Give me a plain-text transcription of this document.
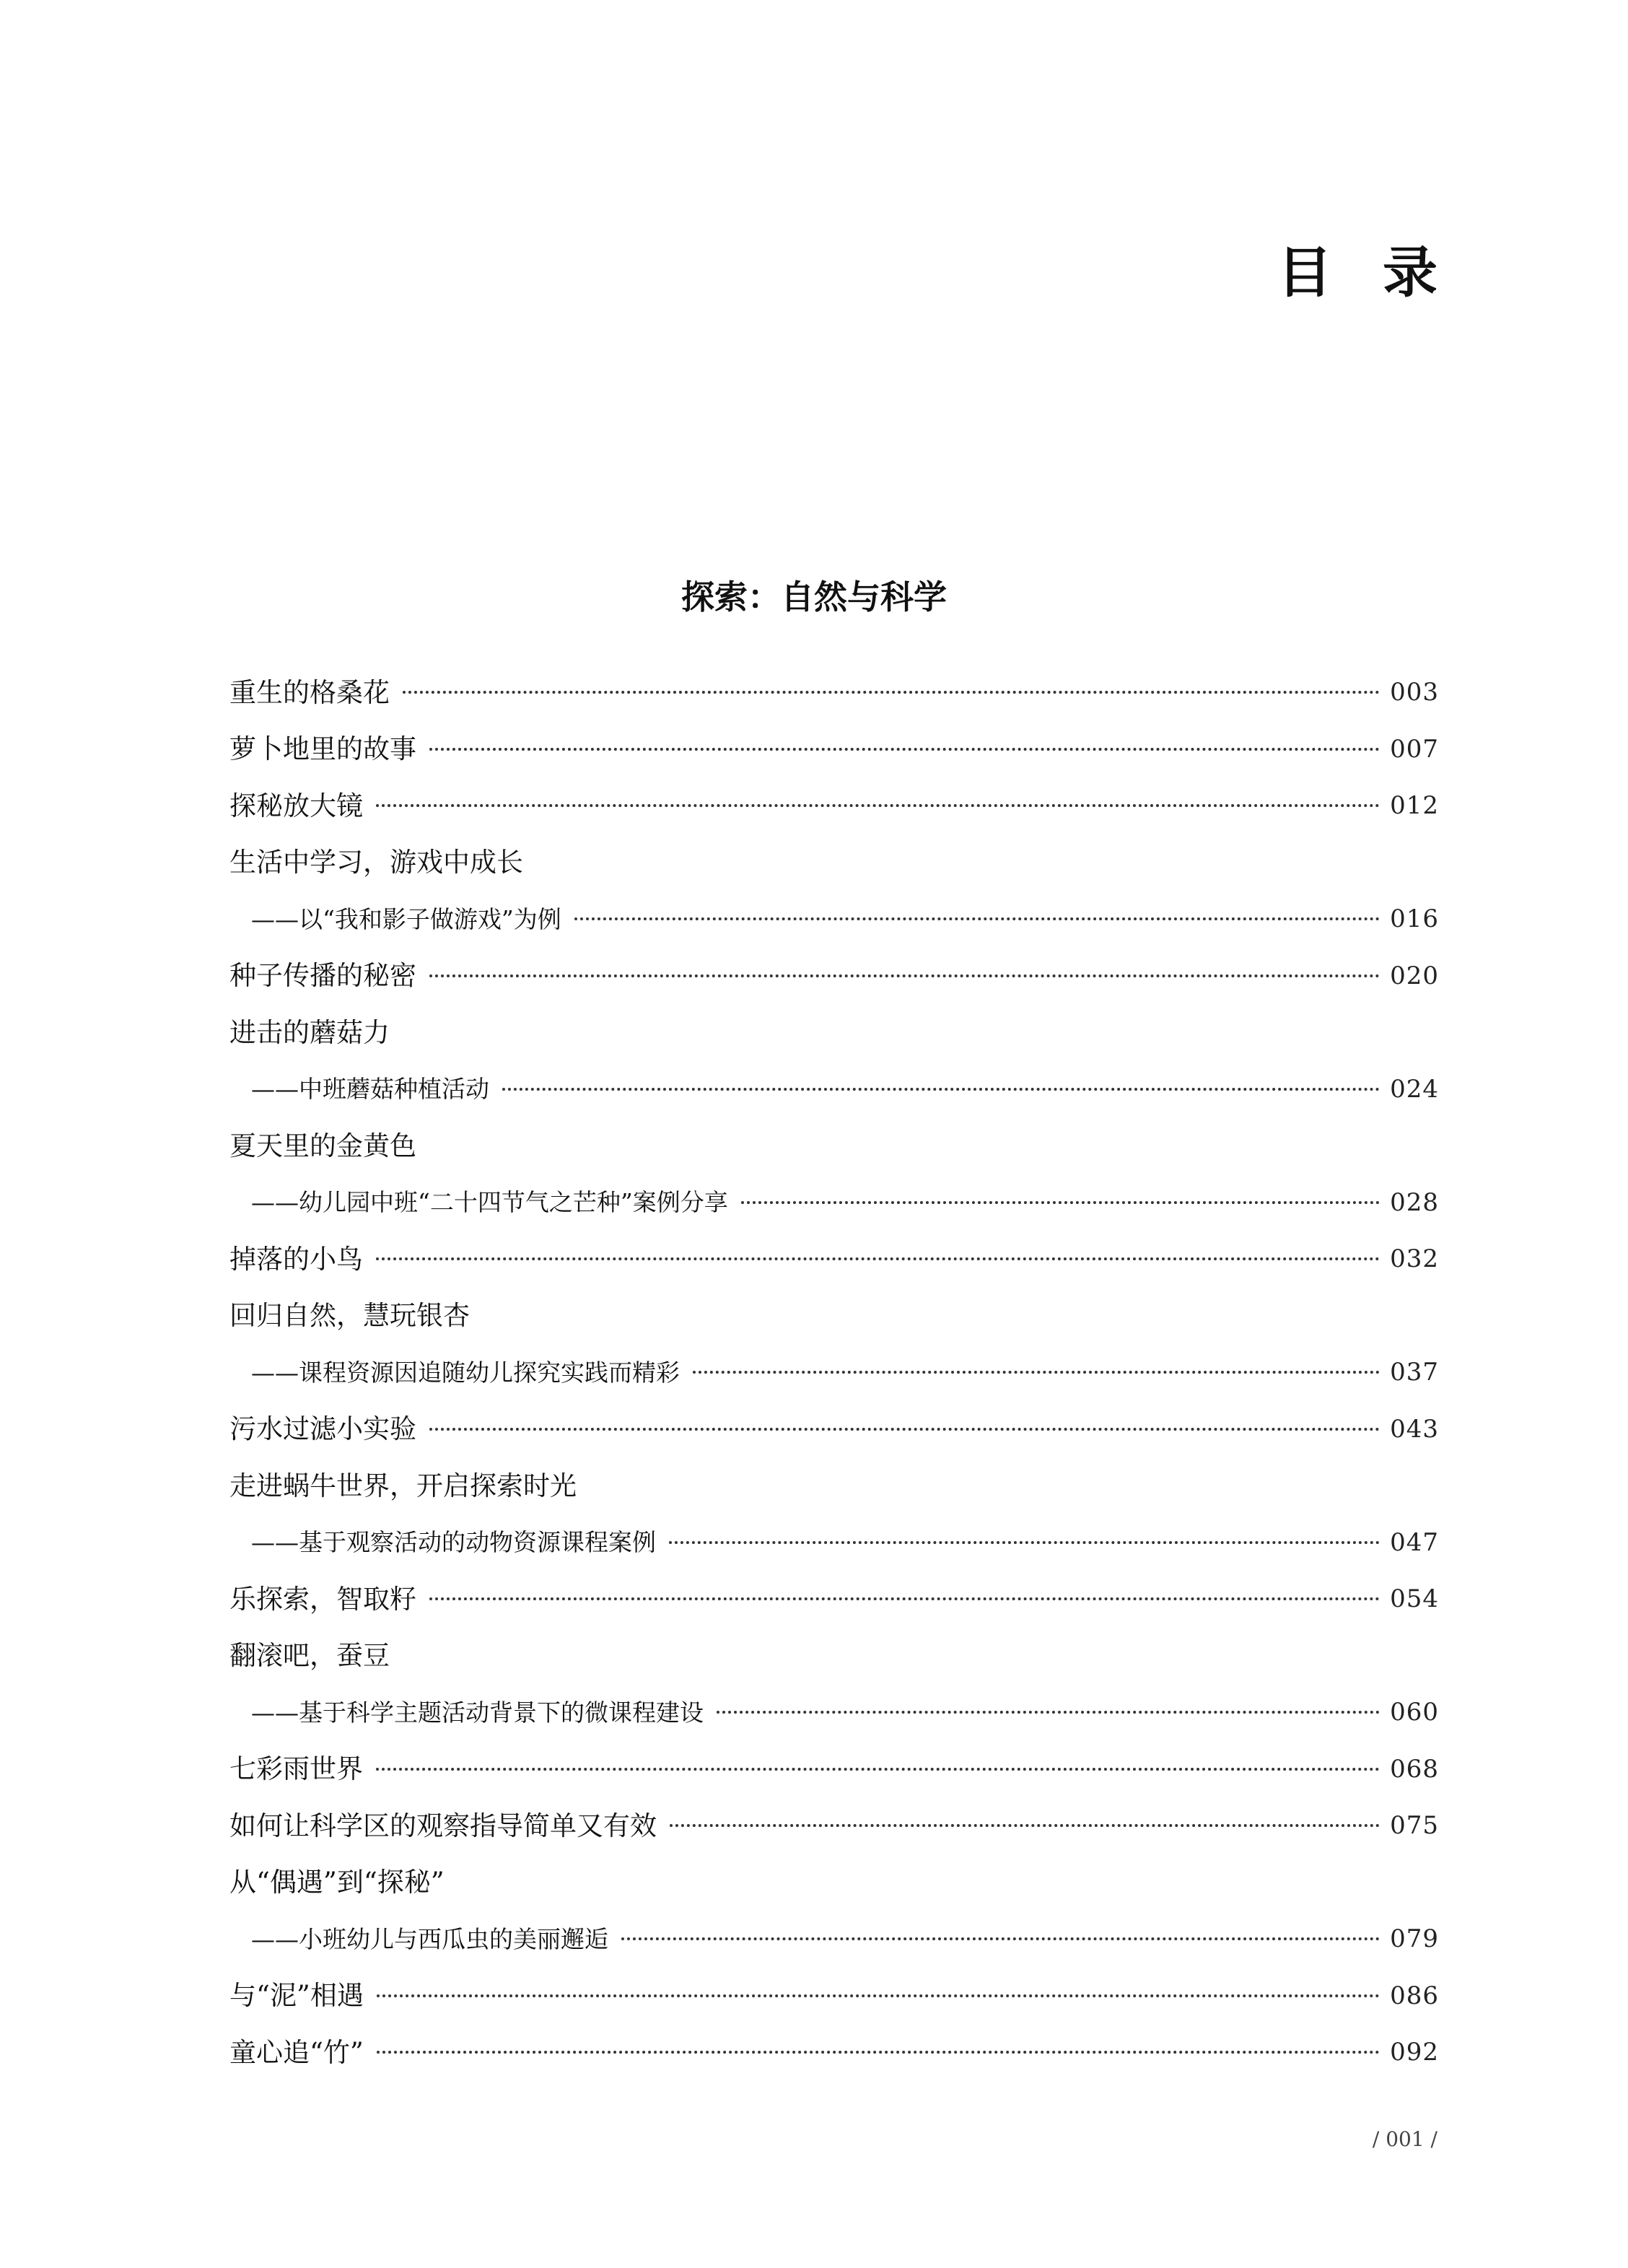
目录
探索：自然与科学
重生的格桑花	003
萝卜地里的故事	007
探秘放大镜	012
生活中学习，游戏中成长
——以“我和影子做游戏”为例	016
种子传播的秘密	020
进击的蘑菇力
——中班蘑菇种植活动	024
夏天里的金黄色
——幼儿园中班“二十四节气之芒种”案例分享	028
掉落的小鸟	032
回归自然，慧玩银杏
——课程资源因追随幼儿探究实践而精彩	037
污水过滤小实验	043
走进蜗牛世界，开启探索时光
——基于观察活动的动物资源课程案例	047
乐探索，智取籽	054
翻滚吧，蚕豆
——基于科学主题活动背景下的微课程建设	060
七彩雨世界	068
如何让科学区的观察指导简单又有效	075
从“偶遇”到“探秘”
——小班幼儿与西瓜虫的美丽邂逅	079
与“泥”相遇	086
童心追“竹”	092
/ 001 /
